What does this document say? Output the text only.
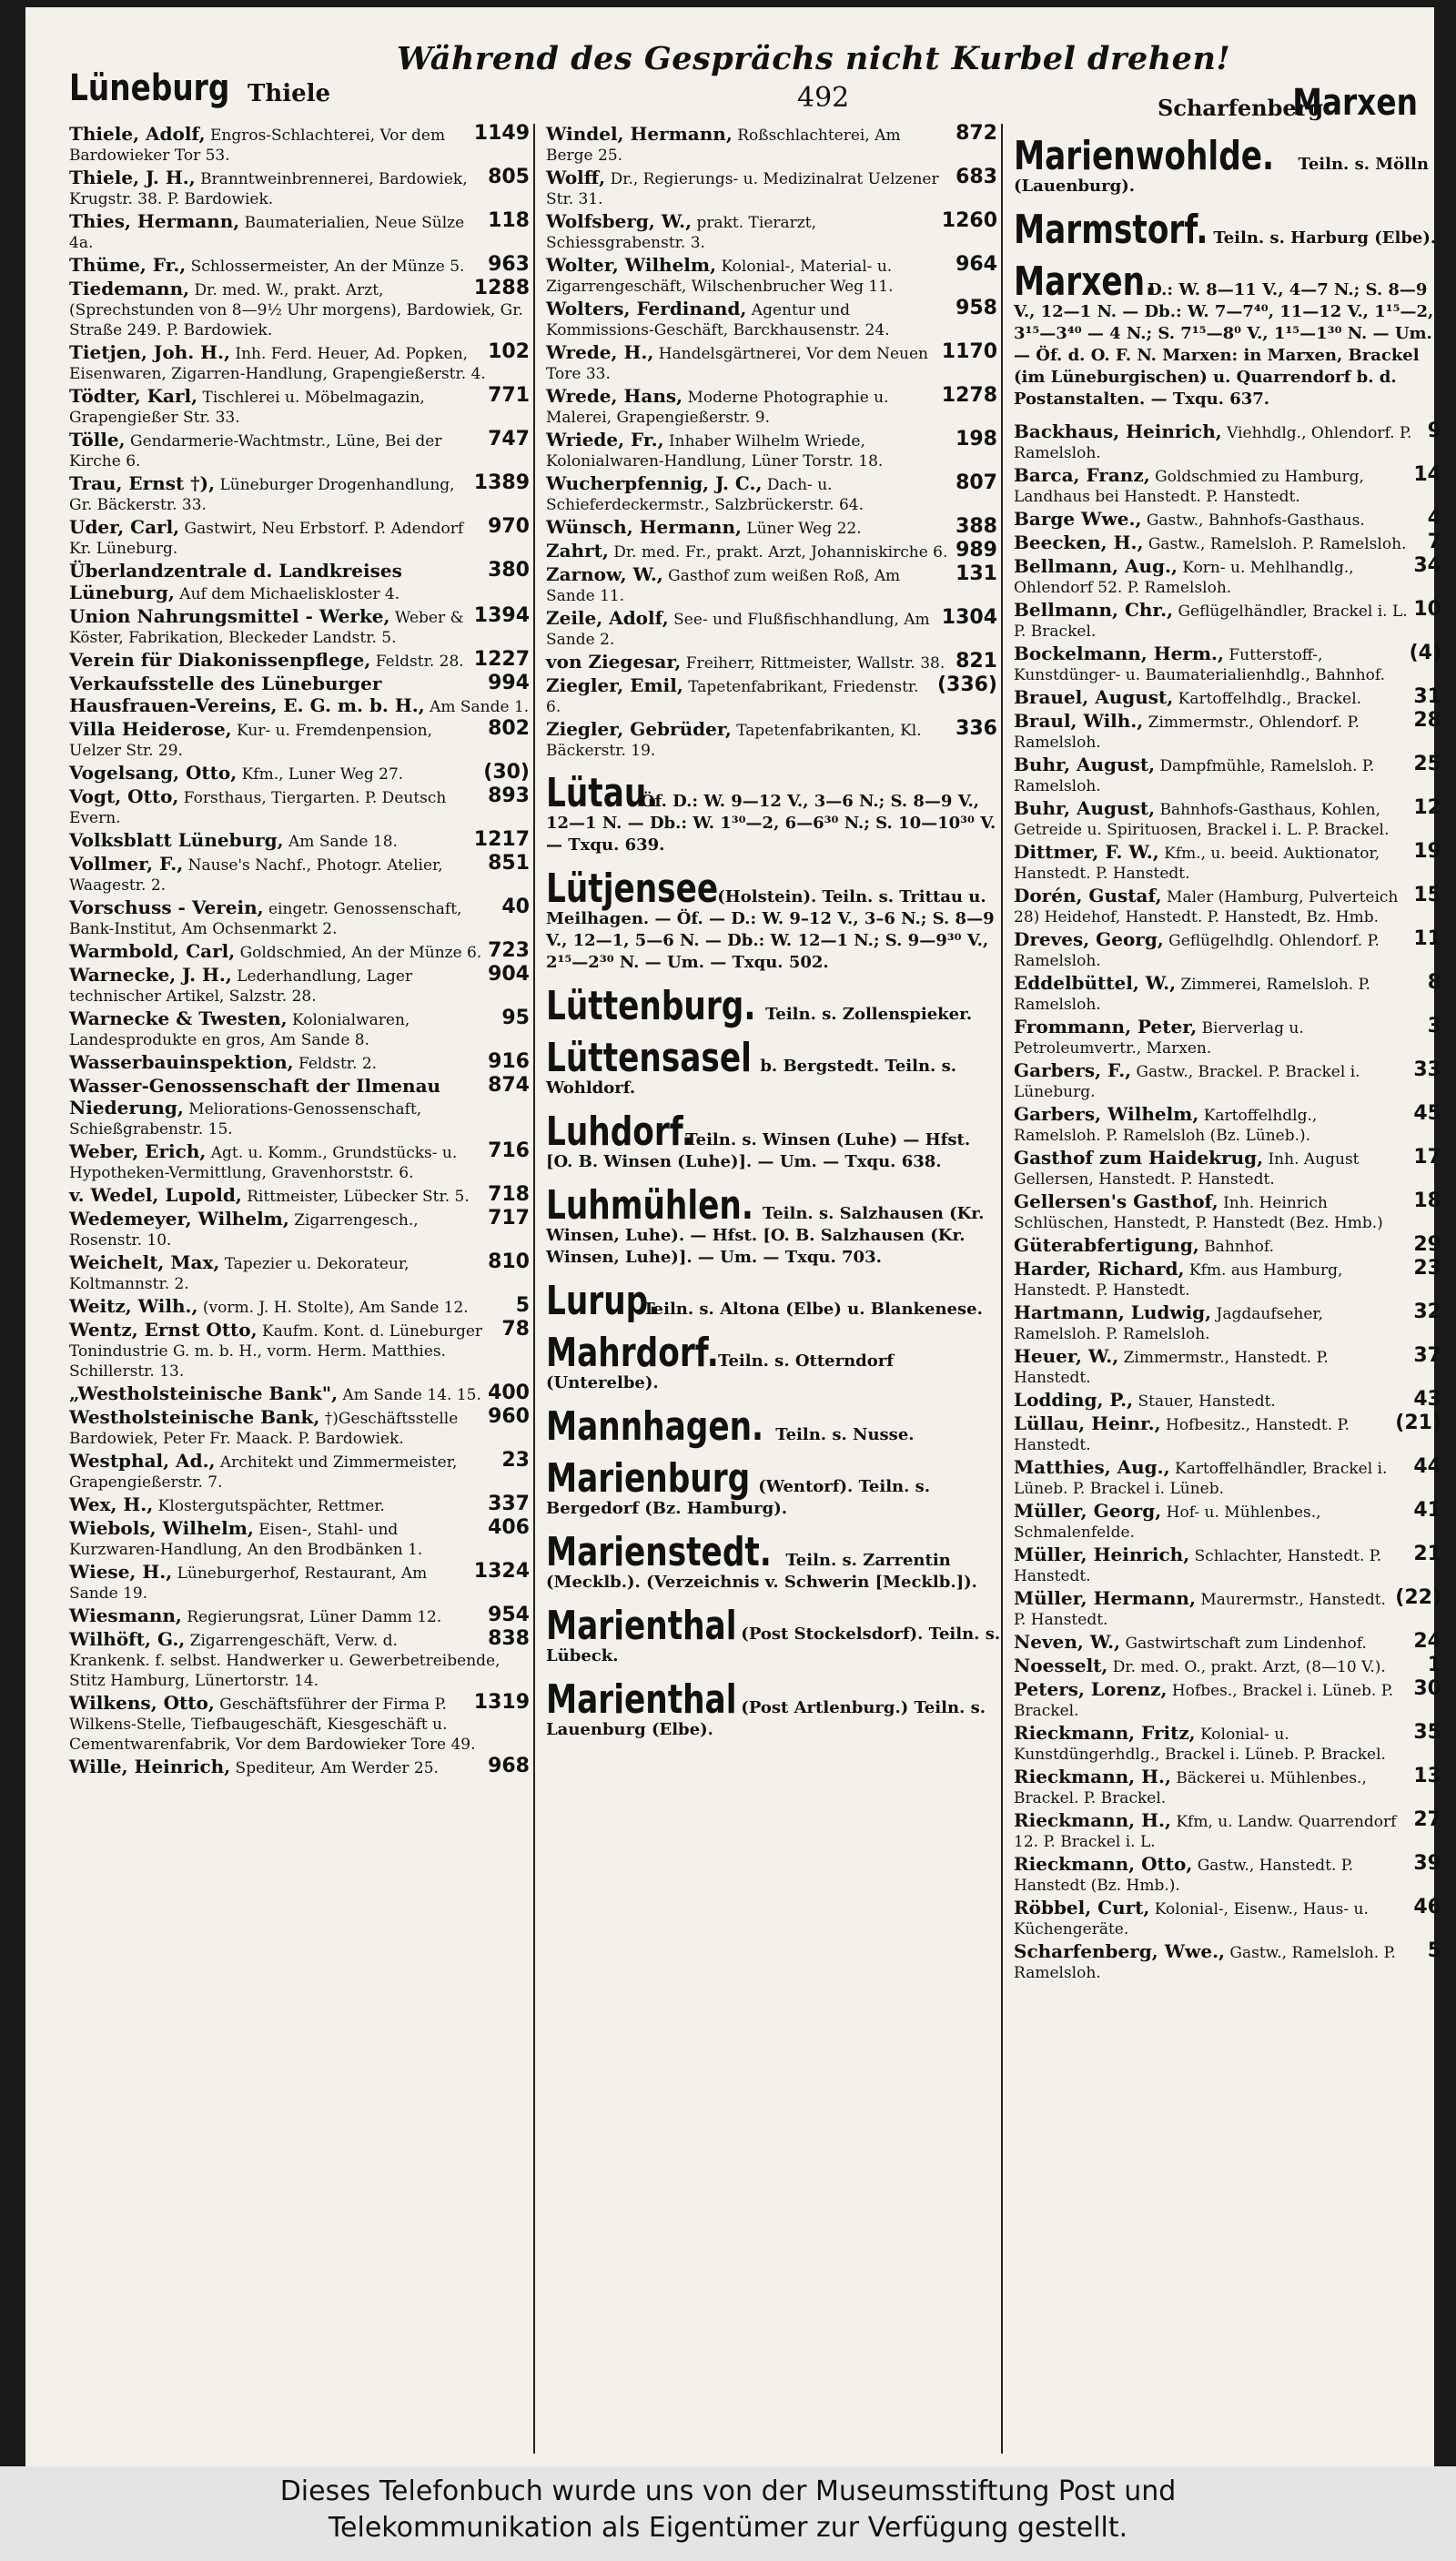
Lüneburg Thiele
Während des Gesprächs nicht Kurbel drehen!
492	Scharfenberg
Marxen
1149
Thiele, Adolf, Engros-Schlachterei, Vor dem Bardowieker Tor 53.
805
Thiele, J. H., Branntweinbrennerei, Bardowiek, Krugstr. 38. P. Bardowiek.
118
Thies, Hermann, Baumaterialien, Neue Sülze 4a.
963
Thüme, Fr., Schlossermeister, An der Münze 5.
1288
Tiedemann, Dr. med. W., prakt. Arzt, (Sprechstunden von 8—9½ Uhr morgens), Bardowiek, Gr. Straße 249. P. Bardowiek.
102
Tietjen, Joh. H., Inh. Ferd. Heuer, Ad. Popken, Eisenwaren, Zigarren-Handlung, Grapengießerstr. 4.
771
Tödter, Karl, Tischlerei u. Möbelmagazin, Grapengießer Str. 33.
747
Tölle, Gendarmerie-Wachtmstr., Lüne, Bei der Kirche 6.
1389
Trau, Ernst †), Lüneburger Drogenhandlung, Gr. Bäckerstr. 33.
970
Uder, Carl, Gastwirt, Neu Erbstorf. P. Adendorf Kr. Lüneburg.
380
Überlandzentrale d. Landkreises Lüneburg, Auf dem Michaeliskloster 4.
1394
Union Nahrungsmittel - Werke, Weber & Köster, Fabrikation, Bleckeder Landstr. 5.
1227
Verein für Diakonissenpflege, Feldstr. 28.
994
Verkaufsstelle des Lüneburger Hausfrauen-Vereins, E. G. m. b. H., Am Sande 1.
802
Villa Heiderose, Kur- u. Fremdenpension, Uelzer Str. 29.
(30)
Vogelsang, Otto, Kfm., Luner Weg 27.
893
Vogt, Otto, Forsthaus, Tiergarten. P. Deutsch Evern.
1217
Volksblatt Lüneburg, Am Sande 18.
851
Vollmer, F., Nause's Nachf., Photogr. Atelier, Waagestr. 2.
40
Vorschuss - Verein, eingetr. Genossenschaft, Bank-Institut, Am Ochsenmarkt 2.
723
Warmbold, Carl, Goldschmied, An der Münze 6.
904
Warnecke, J. H., Lederhandlung, Lager technischer Artikel, Salzstr. 28.
95
Warnecke & Twesten, Kolonialwaren, Landesprodukte en gros, Am Sande 8.
916
Wasserbauinspektion, Feldstr. 2.
874
Wasser-Genossenschaft der Ilmenau Niederung, Meliorations-Genossenschaft, Schießgrabenstr. 15.
716
Weber, Erich, Agt. u. Komm., Grundstücks- u. Hypotheken-Vermittlung, Gravenhorststr. 6.
718
v. Wedel, Lupold, Rittmeister, Lübecker Str. 5.
717
Wedemeyer, Wilhelm, Zigarrengesch., Rosenstr. 10.
810
Weichelt, Max, Tapezier u. Dekorateur, Koltmannstr. 2.
5
Weitz, Wilh., (vorm. J. H. Stolte), Am Sande 12.
78
Wentz, Ernst Otto, Kaufm. Kont. d. Lüneburger Tonindustrie G. m. b. H., vorm. Herm. Matthies. Schillerstr. 13.
400
„Westholsteinische Bank", Am Sande 14. 15.
960
Westholsteinische Bank, †)Geschäftsstelle Bardowiek, Peter Fr. Maack. P. Bardowiek.
23
Westphal, Ad., Architekt und Zimmermeister, Grapengießerstr. 7.
337
Wex, H., Klostergutspächter, Rettmer.
406
Wiebols, Wilhelm, Eisen-, Stahl- und Kurzwaren-Handlung, An den Brodbänken 1.
1324
Wiese, H., Lüneburgerhof, Restaurant, Am Sande 19.
954
Wiesmann, Regierungsrat, Lüner Damm 12.
838
Wilhöft, G., Zigarrengeschäft, Verw. d. Krankenk. f. selbst. Handwerker u. Gewerbetreibende, Stitz Hamburg, Lünertorstr. 14.
1319
Wilkens, Otto, Geschäftsführer der Firma P. Wilkens-Stelle, Tiefbaugeschäft, Kiesgeschäft u. Cementwarenfabrik, Vor dem Bardowieker Tore 49.
968
Wille, Heinrich, Spediteur, Am Werder 25.
872
Windel, Hermann, Roßschlachterei, Am Berge 25.
683
Wolff, Dr., Regierungs- u. Medizinalrat Uelzener Str. 31.
1260
Wolfsberg, W., prakt. Tierarzt, Schiessgrabenstr. 3.
964
Wolter, Wilhelm, Kolonial-, Material- u. Zigarrengeschäft, Wilschenbrucher Weg 11.
958
Wolters, Ferdinand, Agentur und Kommissions-Geschäft, Barckhausenstr. 24.
1170
Wrede, H., Handelsgärtnerei, Vor dem Neuen Tore 33.
1278
Wrede, Hans, Moderne Photographie u. Malerei, Grapengießerstr. 9.
198
Wriede, Fr., Inhaber Wilhelm Wriede, Kolonialwaren-Handlung, Lüner Torstr. 18.
807
Wucherpfennig, J. C., Dach- u. Schieferdeckermstr., Salzbrückerstr. 64.
388
Wünsch, Hermann, Lüner Weg 22.
989
Zahrt, Dr. med. Fr., prakt. Arzt, Johanniskirche 6.
131
Zarnow, W., Gasthof zum weißen Roß, Am Sande 11.
1304
Zeile, Adolf, See- und Flußfischhandlung, Am Sande 2.
821
von Ziegesar, Freiherr, Rittmeister, Wallstr. 38.
(336)
Ziegler, Emil, Tapetenfabrikant, Friedenstr. 6.
336
Ziegler, Gebrüder, Tapetenfabrikanten, Kl. Bäckerstr. 19.
Lütau. Öf. D.: W. 9—12 V., 3—6 N.; S. 8—9 V., 12—1 N. — Db.: W. 1³⁰—2, 6—6³⁰ N.; S. 10—10³⁰ V. — Txqu. 639.
Lütjensee (Holstein). Teiln. s. Trittau u. Meilhagen. — Öf. — D.: W. 9–12 V., 3–6 N.; S. 8—9 V., 12—1, 5—6 N. — Db.: W. 12—1 N.; S. 9—9³⁰ V., 2¹⁵—2³⁰ N. — Um. — Txqu. 502.
Lüttenburg. Teiln. s. Zollenspieker.
Lüttensasel b. Bergstedt. Teiln. s. Wohldorf.
Luhdorf. Teiln. s. Winsen (Luhe) — Hfst. [O. B. Winsen (Luhe)]. — Um. — Txqu. 638.
Luhmühlen. Teiln. s. Salzhausen (Kr. Winsen, Luhe). — Hfst. [O. B. Salzhausen (Kr. Winsen, Luhe)]. — Um. — Txqu. 703.
Lurup. Teiln. s. Altona (Elbe) u. Blankenese.
Mahrdorf. Teiln. s. Otterndorf (Unterelbe).
Mannhagen. Teiln. s. Nusse.
Marienburg (Wentorf). Teiln. s. Bergedorf (Bz. Hamburg).
Marienstedt. Teiln. s. Zarrentin (Mecklb.). (Verzeichnis v. Schwerin [Mecklb.]).
Marienthal (Post Stockelsdorf). Teiln. s. Lübeck.
Marienthal (Post Artlenburg.) Teiln. s. Lauenburg (Elbe).
Marienwohlde. Teiln. s. Mölln (Lauenburg).
Marmstorf. Teiln. s. Harburg (Elbe).
Marxen. D.: W. 8—11 V., 4—7 N.; S. 8—9 V., 12—1 N. — Db.: W. 7—7⁴⁰, 11—12 V., 1¹⁵—2, 3¹⁵—3⁴⁰ — 4 N.; S. 7¹⁵—8⁰ V., 1¹⁵—1³⁰ N. — Um. — Öf. d. O. F. N. Marxen: in Marxen, Brackel (im Lüneburgischen) u. Quarrendorf b. d. Postanstalten. — Txqu. 637.
9
Backhaus, Heinrich, Viehhdlg., Ohlendorf. P. Ramelsloh.
14
Barca, Franz, Goldschmied zu Hamburg, Landhaus bei Hanstedt. P. Hanstedt.
4
Barge Wwe., Gastw., Bahnhofs-Gasthaus.
7
Beecken, H., Gastw., Ramelsloh. P. Ramelsloh.
34
Bellmann, Aug., Korn- u. Mehlhandlg., Ohlendorf 52. P. Ramelsloh.
10
Bellmann, Chr., Geflügelhändler, Brackel i. L. P. Brackel.
(4)
Bockelmann, Herm., Futterstoff-, Kunstdünger- u. Baumaterialienhdlg., Bahnhof.
31
Brauel, August, Kartoffelhdlg., Brackel.
28
Braul, Wilh., Zimmermstr., Ohlendorf. P. Ramelsloh.
25
Buhr, August, Dampfmühle, Ramelsloh. P. Ramelsloh.
12
Buhr, August, Bahnhofs-Gasthaus, Kohlen, Getreide u. Spirituosen, Brackel i. L. P. Brackel.
19
Dittmer, F. W., Kfm., u. beeid. Auktionator, Hanstedt. P. Hanstedt.
15
Dorén, Gustaf, Maler (Hamburg, Pulverteich 28) Heidehof, Hanstedt. P. Hanstedt, Bz. Hmb.
11
Dreves, Georg, Geflügelhdlg. Ohlendorf. P. Ramelsloh.
8
Eddelbüttel, W., Zimmerei, Ramelsloh. P. Ramelsloh.
3
Frommann, Peter, Bierverlag u. Petroleumvertr., Marxen.
33
Garbers, F., Gastw., Brackel. P. Brackel i. Lüneburg.
45
Garbers, Wilhelm, Kartoffelhdlg., Ramelsloh. P. Ramelsloh (Bz. Lüneb.).
17
Gasthof zum Haidekrug, Inh. August Gellersen, Hanstedt. P. Hanstedt.
18
Gellersen's Gasthof, Inh. Heinrich Schlüschen, Hanstedt, P. Hanstedt (Bez. Hmb.)
29
Güterabfertigung, Bahnhof.
23
Harder, Richard, Kfm. aus Hamburg, Hanstedt. P. Hanstedt.
32
Hartmann, Ludwig, Jagdaufseher, Ramelsloh. P. Ramelsloh.
37
Heuer, W., Zimmermstr., Hanstedt. P. Hanstedt.
43
Lodding, P., Stauer, Hanstedt.
(21)
Lüllau, Heinr., Hofbesitz., Hanstedt. P. Hanstedt.
44
Matthies, Aug., Kartoffelhändler, Brackel i. Lüneb. P. Brackel i. Lüneb.
41
Müller, Georg, Hof- u. Mühlenbes., Schmalenfelde.
21
Müller, Heinrich, Schlachter, Hanstedt. P. Hanstedt.
(22)
Müller, Hermann, Maurermstr., Hanstedt. P. Hanstedt.
24
Neven, W., Gastwirtschaft zum Lindenhof.
1
Noesselt, Dr. med. O., prakt. Arzt, (8—10 V.).
30
Peters, Lorenz, Hofbes., Brackel i. Lüneb. P. Brackel.
35
Rieckmann, Fritz, Kolonial- u. Kunstdüngerhdlg., Brackel i. Lüneb. P. Brackel.
13
Rieckmann, H., Bäckerei u. Mühlenbes., Brackel. P. Brackel.
27
Rieckmann, H., Kfm, u. Landw. Quarrendorf 12. P. Brackel i. L.
39
Rieckmann, Otto, Gastw., Hanstedt. P. Hanstedt (Bz. Hmb.).
46
Röbbel, Curt, Kolonial-, Eisenw., Haus- u. Küchengeräte.
5
Scharfenberg, Wwe., Gastw., Ramelsloh. P. Ramelsloh.
Dieses Telefonbuch wurde uns von der Museumsstiftung Post und
Telekommunikation als Eigentümer zur Verfügung gestellt.
